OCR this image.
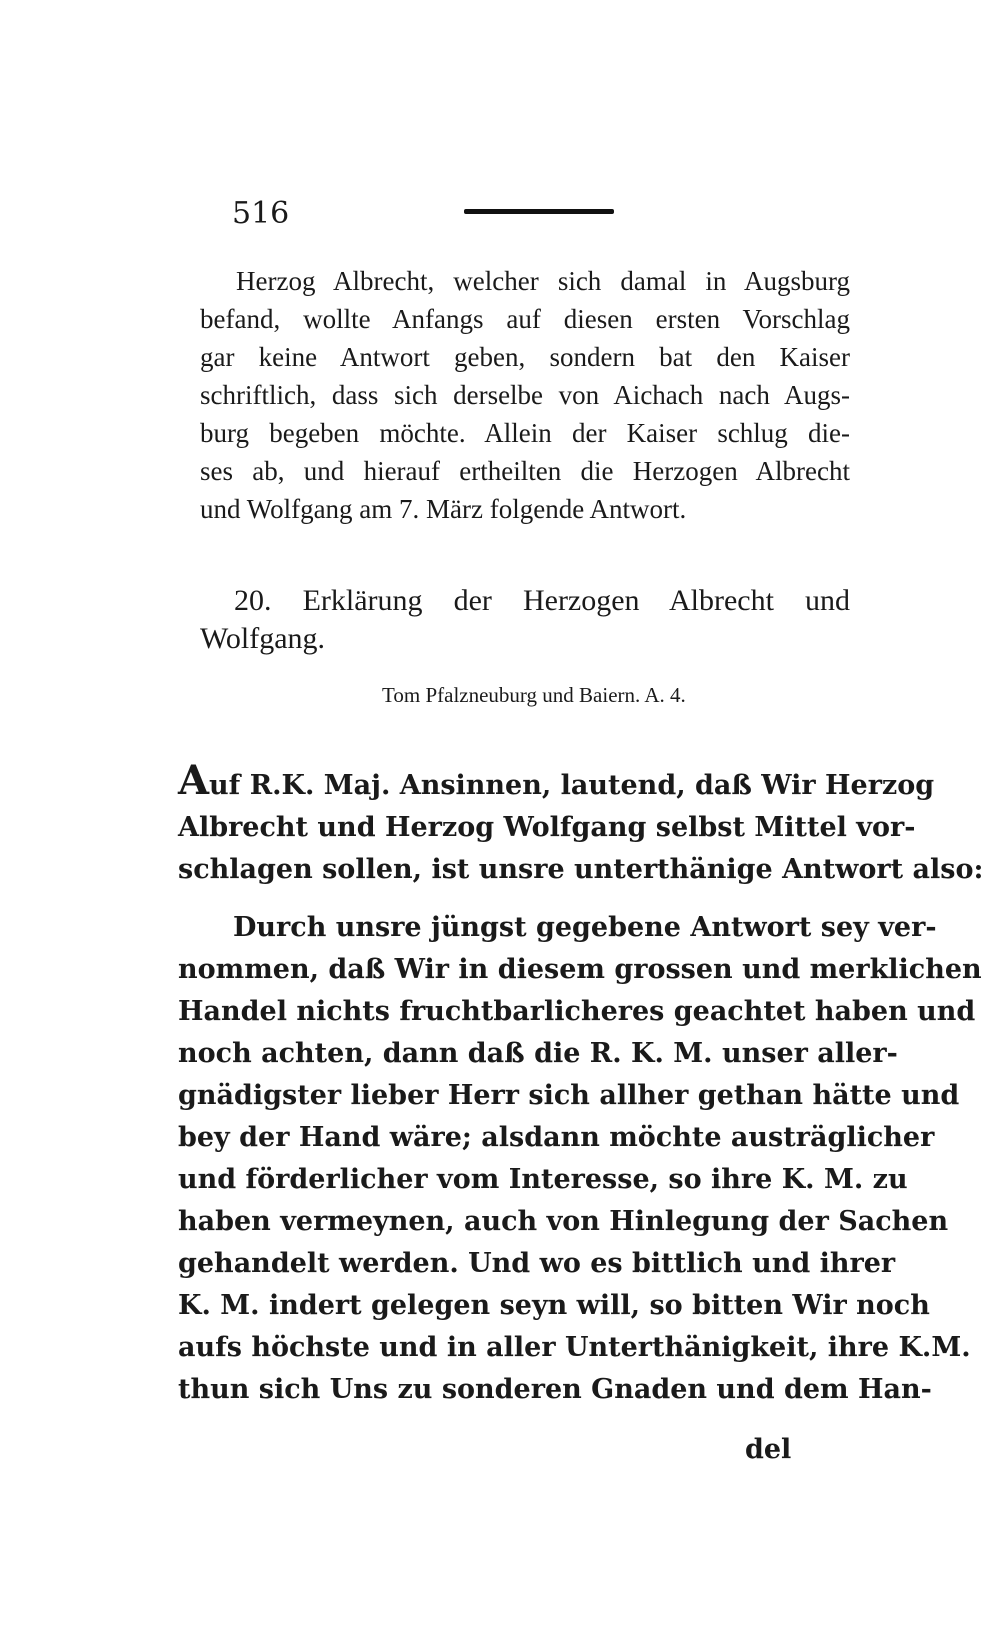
516

Herzog Albrecht, welcher sich damal in Augsburg
befand, wollte Anfangs auf diesen ersten Vorschlag
gar keine Antwort geben, sondern bat den Kaiser
schriftlich, dass sich derselbe von Aichach nach Augs-
burg begeben möchte. Allein der Kaiser schlug die-
ses ab, und hierauf ertheilten die Herzogen Albrecht
und Wolfgang am 7. März folgende Antwort.

20. Erklärung der Herzogen Albrecht und
Wolfgang.

Tom Pfalzneuburg und Baiern. A. 4.

Auf R.K. Maj. Ansinnen, lautend, daß Wir Herzog
Albrecht und Herzog Wolfgang selbst Mittel vor-
schlagen sollen, ist unsre unterthänige Antwort also:

Durch unsre jüngst gegebene Antwort sey ver-
nommen, daß Wir in diesem grossen und merklichen
Handel nichts fruchtbarlicheres geachtet haben und
noch achten, dann daß die R. K. M. unser aller-
gnädigster lieber Herr sich allher gethan hätte und
bey der Hand wäre; alsdann möchte austräglicher
und förderlicher vom Interesse, so ihre K. M. zu
haben vermeynen, auch von Hinlegung der Sachen
gehandelt werden. Und wo es bittlich und ihrer
K. M. indert gelegen seyn will, so bitten Wir noch
aufs höchste und in aller Unterthänigkeit, ihre K.M.
thun sich Uns zu sonderen Gnaden und dem Han-

del
